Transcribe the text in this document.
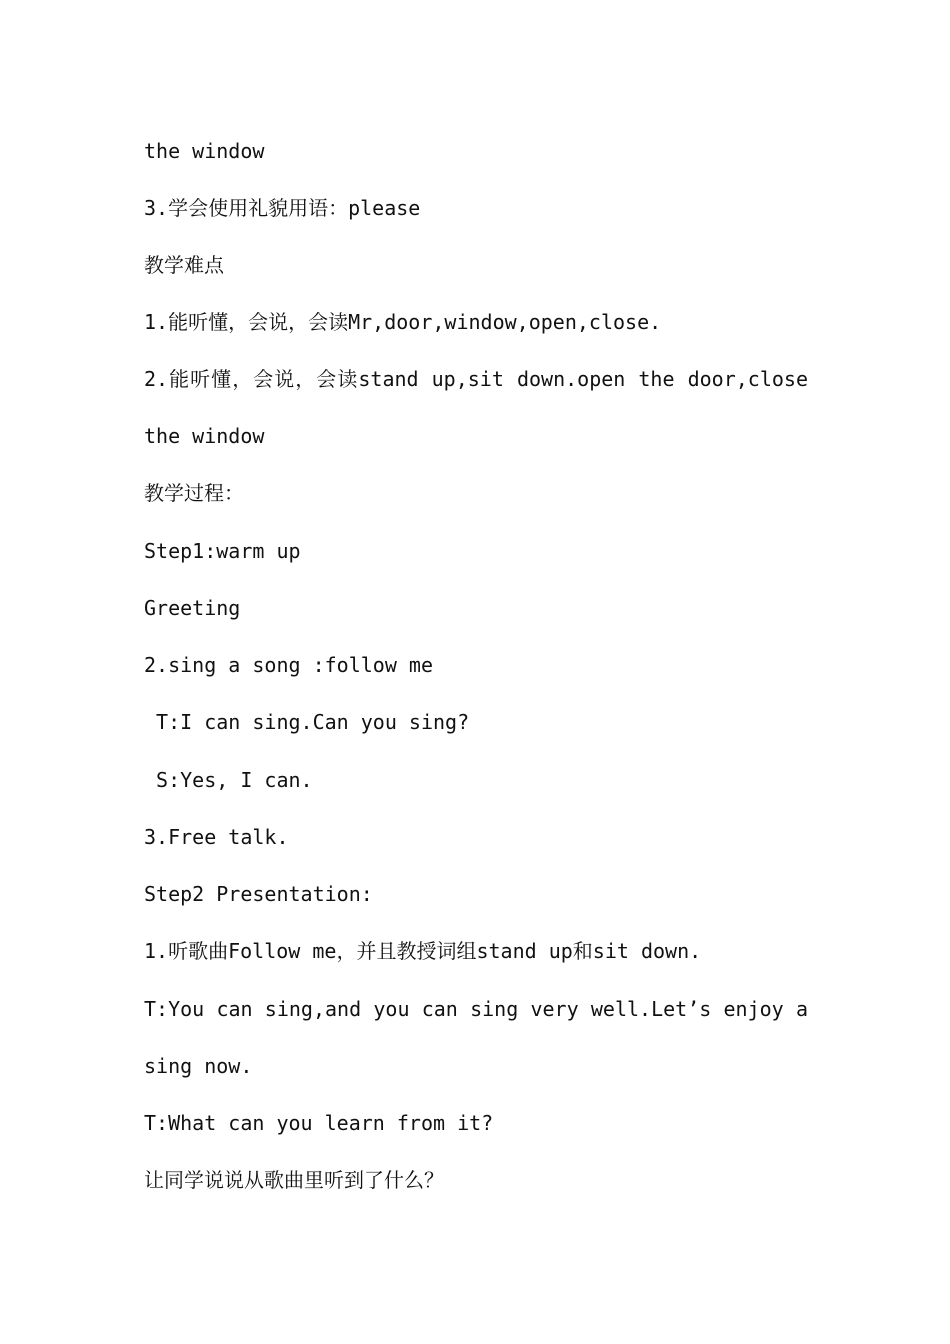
the window
3.学会使用礼貌用语：please
教学难点
1.能听懂，会说，会读Mr,door,window,open,close.
2.能听懂，会说，会读stand up,sit down.open the door,close
the window
教学过程：
Step1:warm up
Greeting
2.sing a song :follow me
T:I can sing.Can you sing?
S:Yes, I can.
3.Free talk.
Step2 Presentation:
1.听歌曲Follow me，并且教授词组stand up和sit down.
T:You can sing,and you can sing very well.Let’s enjoy a
sing now.
T:What can you learn from it?
让同学说说从歌曲里听到了什么？
